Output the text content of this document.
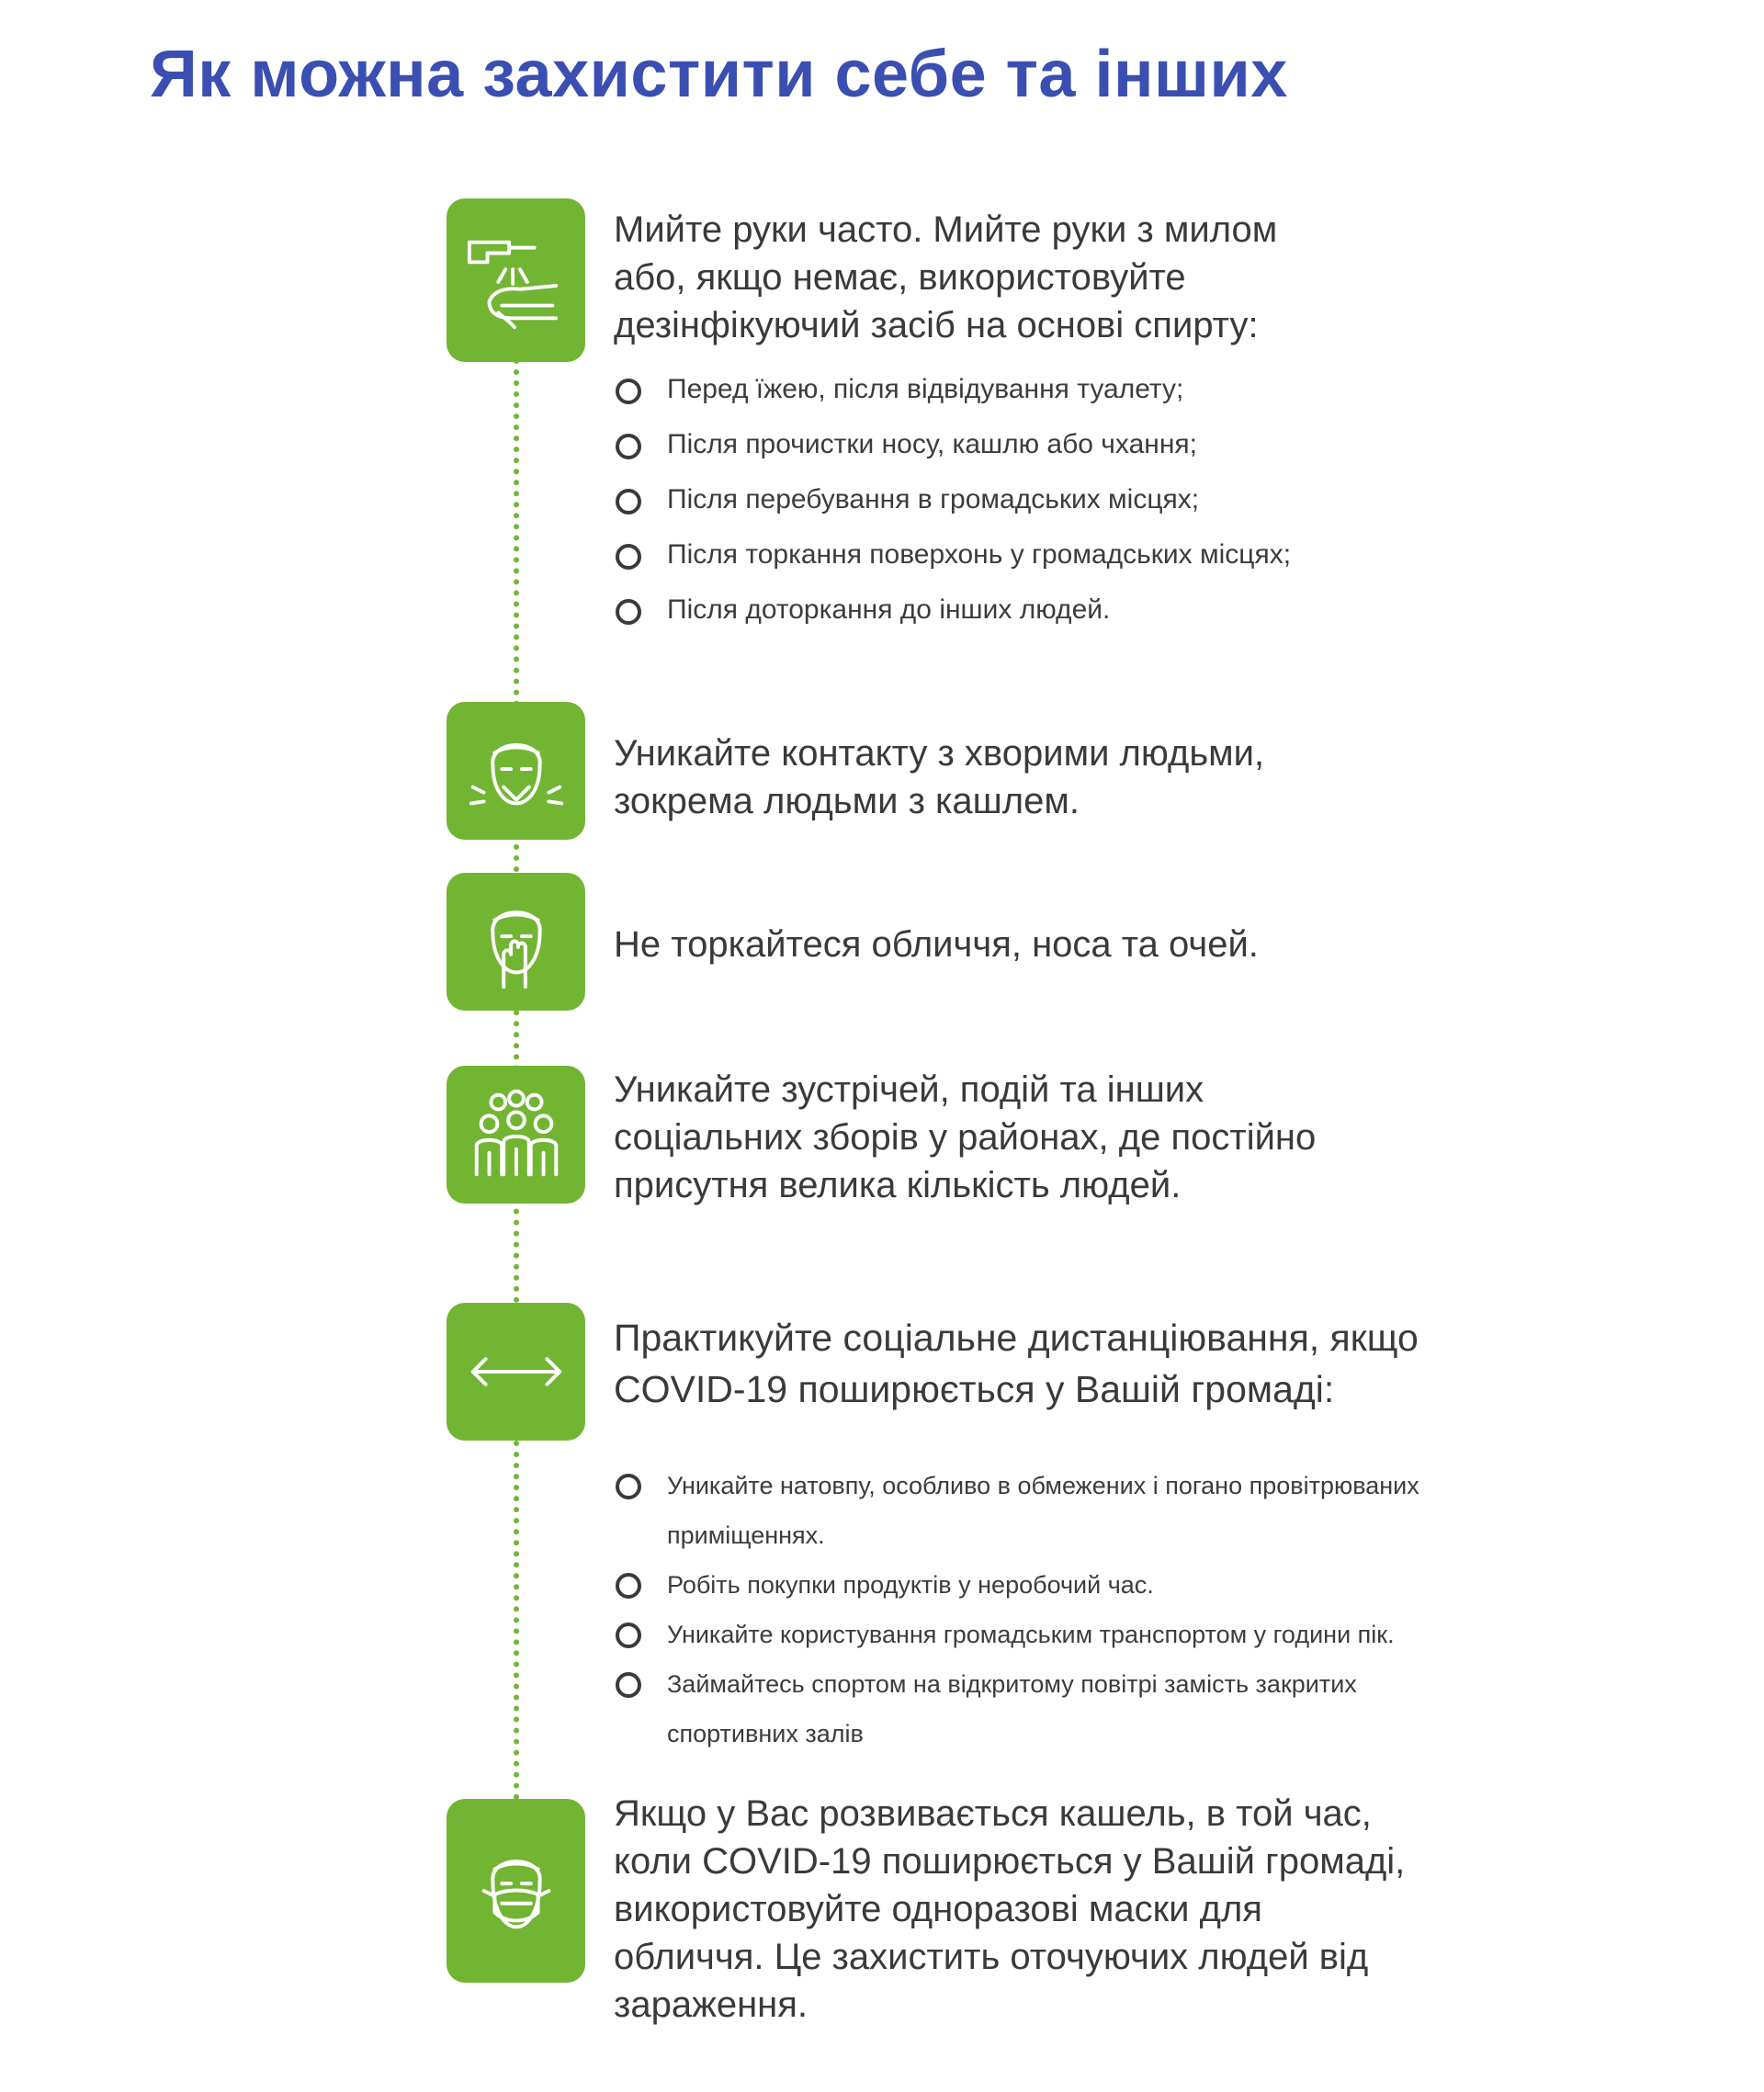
Як можна захистити себе та інших

Мийте руки часто. Мийте руки з милом або, якщо немає, використовуйте дезінфікуючий засіб на основі спирту:

Перед їжею, після відвідування туалету;
Після прочистки носу, кашлю або чхання;
Після перебування в громадських місцях;
Після торкання поверхонь у громадських місцях;
Після доторкання до інших людей.

Уникайте контакту з хворими людьми, зокрема людьми з кашлем.

Не торкайтеся обличчя, носа та очей.

Уникайте зустрічей, подій та інших соціальних зборів у районах, де постійно присутня велика кількість людей.

Практикуйте соціальне дистанціювання, якщо COVID-19 поширюється у Вашій громаді:

Уникайте натовпу, особливо в обмежених і погано провітрюваних приміщеннях.
Робіть покупки продуктів у неробочий час.
Уникайте користування громадським транспортом у години пік.
Займайтесь спортом на відкритому повітрі замість закритих спортивних залів

Якщо у Вас розвивається кашель, в той час, коли COVID-19 поширюється у Вашій громаді, використовуйте одноразові маски для обличчя. Це захистить оточуючих людей від зараження.
